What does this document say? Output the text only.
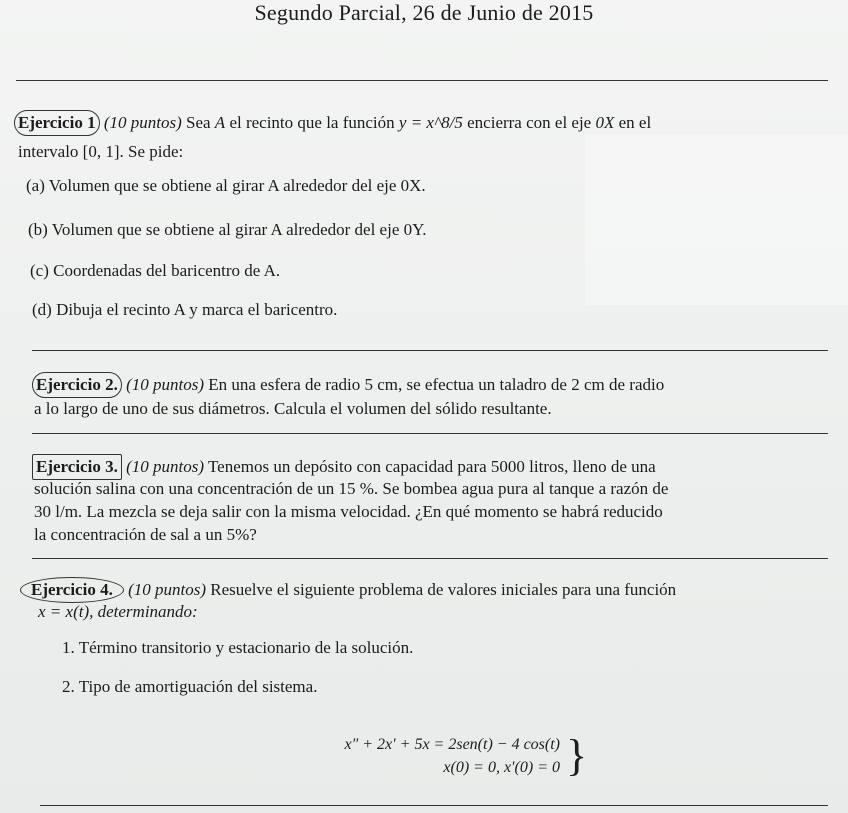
Segundo Parcial, 26 de Junio de 2015
Ejercicio 1 (10 puntos) Sea A el recinto que la función y = x^8/5 encierra con el eje 0X en el
intervalo [0, 1]. Se pide:
(a) Volumen que se obtiene al girar A alrededor del eje 0X.
(b) Volumen que se obtiene al girar A alrededor del eje 0Y.
(c) Coordenadas del baricentro de A.
(d) Dibuja el recinto A y marca el baricentro.
Ejercicio 2. (10 puntos) En una esfera de radio 5 cm, se efectua un taladro de 2 cm de radio
a lo largo de uno de sus diámetros. Calcula el volumen del sólido resultante.
Ejercicio 3. (10 puntos) Tenemos un depósito con capacidad para 5000 litros, lleno de una
solución salina con una concentración de un 15 %. Se bombea agua pura al tanque a razón de
30 l/m. La mezcla se deja salir con la misma velocidad. ¿En qué momento se habrá reducido
la concentración de sal a un 5%?
Ejercicio 4. (10 puntos) Resuelve el siguiente problema de valores iniciales para una función
x = x(t), determinando:
1. Término transitorio y estacionario de la solución.
2. Tipo de amortiguación del sistema.
x″ + 2x′ + 5x = 2sen(t) − 4 cos(t)
x(0) = 0, x′(0) = 0 }
